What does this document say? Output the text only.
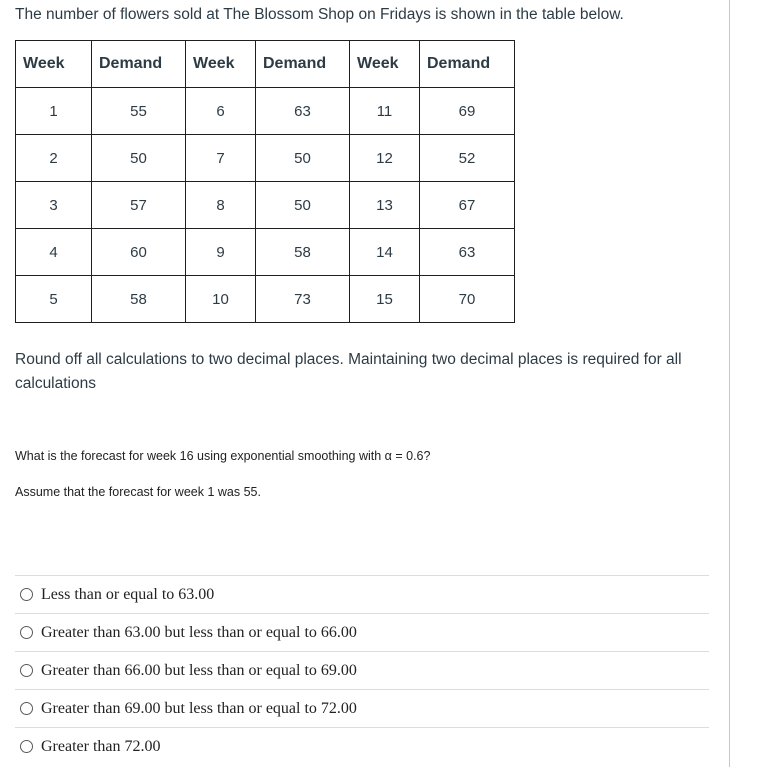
The number of flowers sold at The Blossom Shop on Fridays is shown in the table below.

Week	Demand	Week	Demand	Week	Demand
1	55	6	63	11	69
2	50	7	50	12	52
3	57	8	50	13	67
4	60	9	58	14	63
5	58	10	73	15	70

Round off all calculations to two decimal places. Maintaining two decimal places is required for all calculations

What is the forecast for week 16 using exponential smoothing with α = 0.6?

Assume that the forecast for week 1 was 55.

Less than or equal to 63.00
Greater than 63.00 but less than or equal to 66.00
Greater than 66.00 but less than or equal to 69.00
Greater than 69.00 but less than or equal to 72.00
Greater than 72.00
